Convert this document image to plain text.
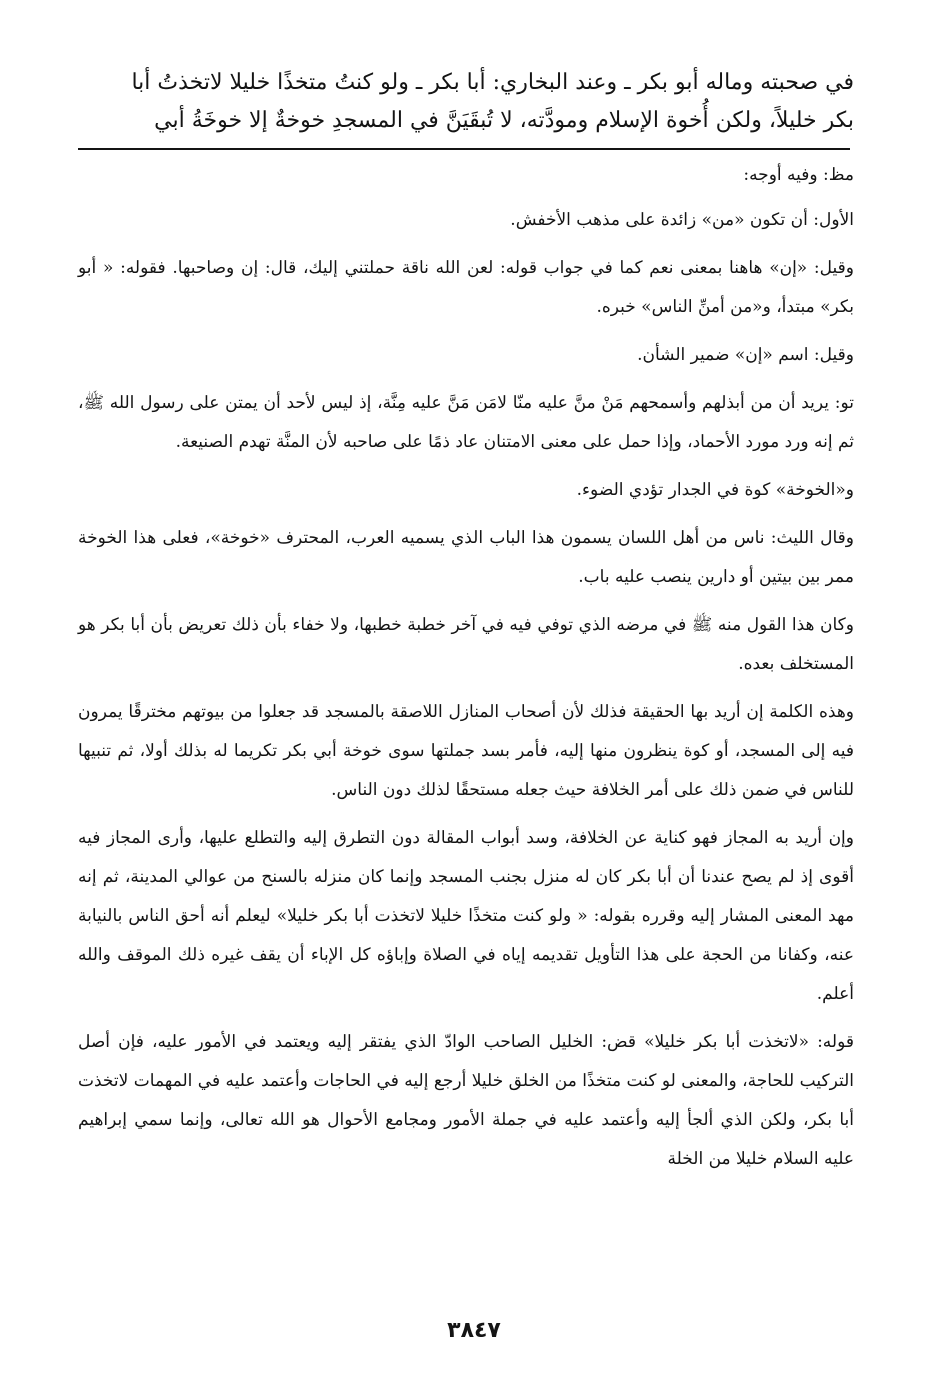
في صحبته وماله أبو بكر ـ وعند البخاري: أبا بكر ـ ولو كنتُ متخذًا خليلا لاتخذتُ أبا
بكر خليلاً، ولكن أُخوة الإسلام ومودَّته، لا تُبقَيَنَّ في المسجدِ خوخةٌ إلا خوخَةُ أبي

مظ: وفيه أوجه:

الأول: أن تكون «من» زائدة على مذهب الأخفش.

وقيل: «إن» هاهنا بمعنى نعم كما في جواب قوله: لعن الله ناقة حملتني إليك، قال: إن وصاحبها. فقوله: « أبو بكر» مبتدأ، و«من أمنِّ الناس» خبره.

وقيل: اسم «إن» ضمير الشأن.

تو: يريد أن من أبذلهم وأسمحهم مَنْ منَّ عليه منّا لامَن مَنَّ عليه مِنَّة، إذ ليس لأحد أن يمتن على رسول الله ﷺ، ثم إنه ورد مورد الأحماد، وإذا حمل على معنى الامتنان عاد ذمًا على صاحبه لأن المنَّة تهدم الصنيعة.

و«الخوخة» كوة في الجدار تؤدي الضوء.

وقال الليث: ناس من أهل اللسان يسمون هذا الباب الذي يسميه العرب، المحترف «خوخة»، فعلى هذا الخوخة ممر بين بيتين أو دارين ينصب عليه باب.

وكان هذا القول منه ﷺ في مرضه الذي توفي فيه في آخر خطبة خطبها، ولا خفاء بأن ذلك تعريض بأن أبا بكر هو المستخلف بعده.

وهذه الكلمة إن أريد بها الحقيقة فذلك لأن أصحاب المنازل اللاصقة بالمسجد قد جعلوا من بيوتهم مخترقًا يمرون فيه إلى المسجد، أو كوة ينظرون منها إليه، فأمر بسد جملتها سوى خوخة أبي بكر تكريما له بذلك أولا، ثم تنبيها للناس في ضمن ذلك على أمر الخلافة حيث جعله مستحقًا لذلك دون الناس.

وإن أريد به المجاز فهو كناية عن الخلافة، وسد أبواب المقالة دون التطرق إليه والتطلع عليها، وأرى المجاز فيه أقوى إذ لم يصح عندنا أن أبا بكر كان له منزل بجنب المسجد وإنما كان منزله بالسنح من عوالي المدينة، ثم إنه مهد المعنى المشار إليه وقرره بقوله: « ولو كنت متخذًا خليلا لاتخذت أبا بكر خليلا» ليعلم أنه أحق الناس بالنيابة عنه، وكفانا من الحجة على هذا التأويل تقديمه إياه في الصلاة وإباؤه كل الإباء أن يقف غيره ذلك الموقف والله أعلم.

قوله: «لاتخذت أبا بكر خليلا» قض: الخليل الصاحب الوادّ الذي يفتقر إليه ويعتمد في الأمور عليه، فإن أصل التركيب للحاجة، والمعنى لو كنت متخذًا من الخلق خليلا أرجع إليه في الحاجات وأعتمد عليه في المهمات لاتخذت أبا بكر، ولكن الذي ألجأ إليه وأعتمد عليه في جملة الأمور ومجامع الأحوال هو الله تعالى، وإنما سمي إبراهيم عليه السلام خليلا من الخلة

٣٨٤٧
